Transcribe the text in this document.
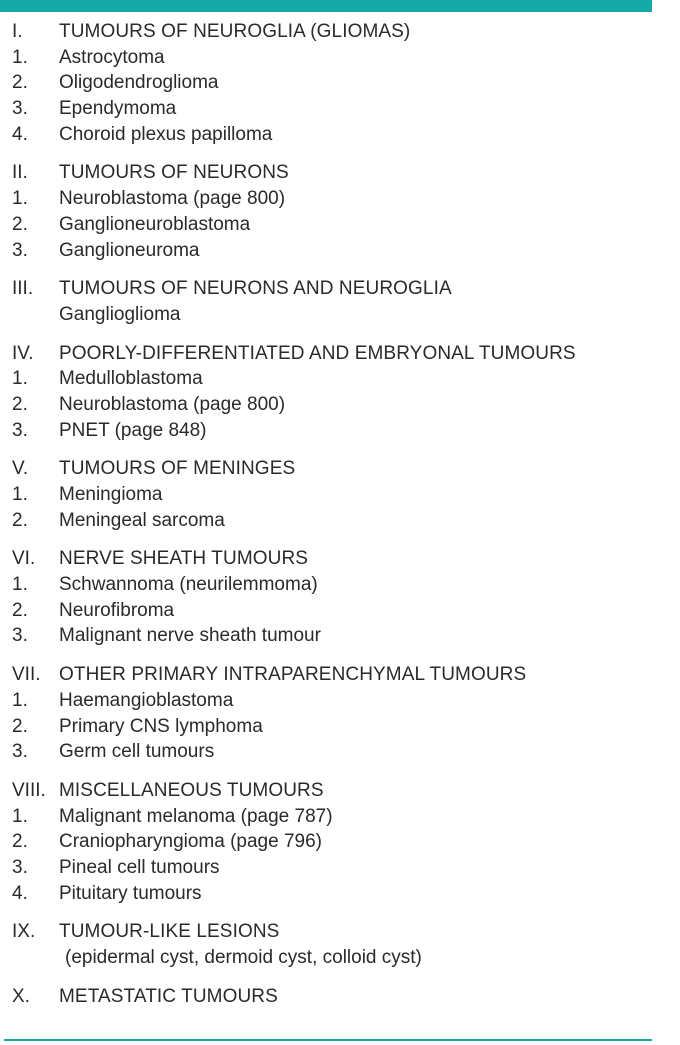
I.	TUMOURS OF NEUROGLIA (GLIOMAS)
1.	Astrocytoma
2.	Oligodendroglioma
3.	Ependymoma
4.	Choroid plexus papilloma
II.	TUMOURS OF NEURONS
1.	Neuroblastoma (page 800)
2.	Ganglioneuroblastoma
3.	Ganglioneuroma
III.	TUMOURS OF NEURONS AND NEUROGLIA
Ganglioglioma
IV.	POORLY-DIFFERENTIATED AND EMBRYONAL TUMOURS
1.	Medulloblastoma
2.	Neuroblastoma (page 800)
3.	PNET (page 848)
V.	TUMOURS OF MENINGES
1.	Meningioma
2.	Meningeal sarcoma
VI.	NERVE SHEATH TUMOURS
1.	Schwannoma (neurilemmoma)
2.	Neurofibroma
3.	Malignant nerve sheath tumour
VII. OTHER PRIMARY INTRAPARENCHYMAL TUMOURS
1.	Haemangioblastoma
2.	Primary CNS lymphoma
3.	Germ cell tumours
VIII. MISCELLANEOUS TUMOURS
1.	Malignant melanoma (page 787)
2.	Craniopharyngioma (page 796)
3.	Pineal cell tumours
4.	Pituitary tumours
IX.	TUMOUR-LIKE LESIONS
(epidermal cyst, dermoid cyst, colloid cyst)
X.	METASTATIC TUMOURS
